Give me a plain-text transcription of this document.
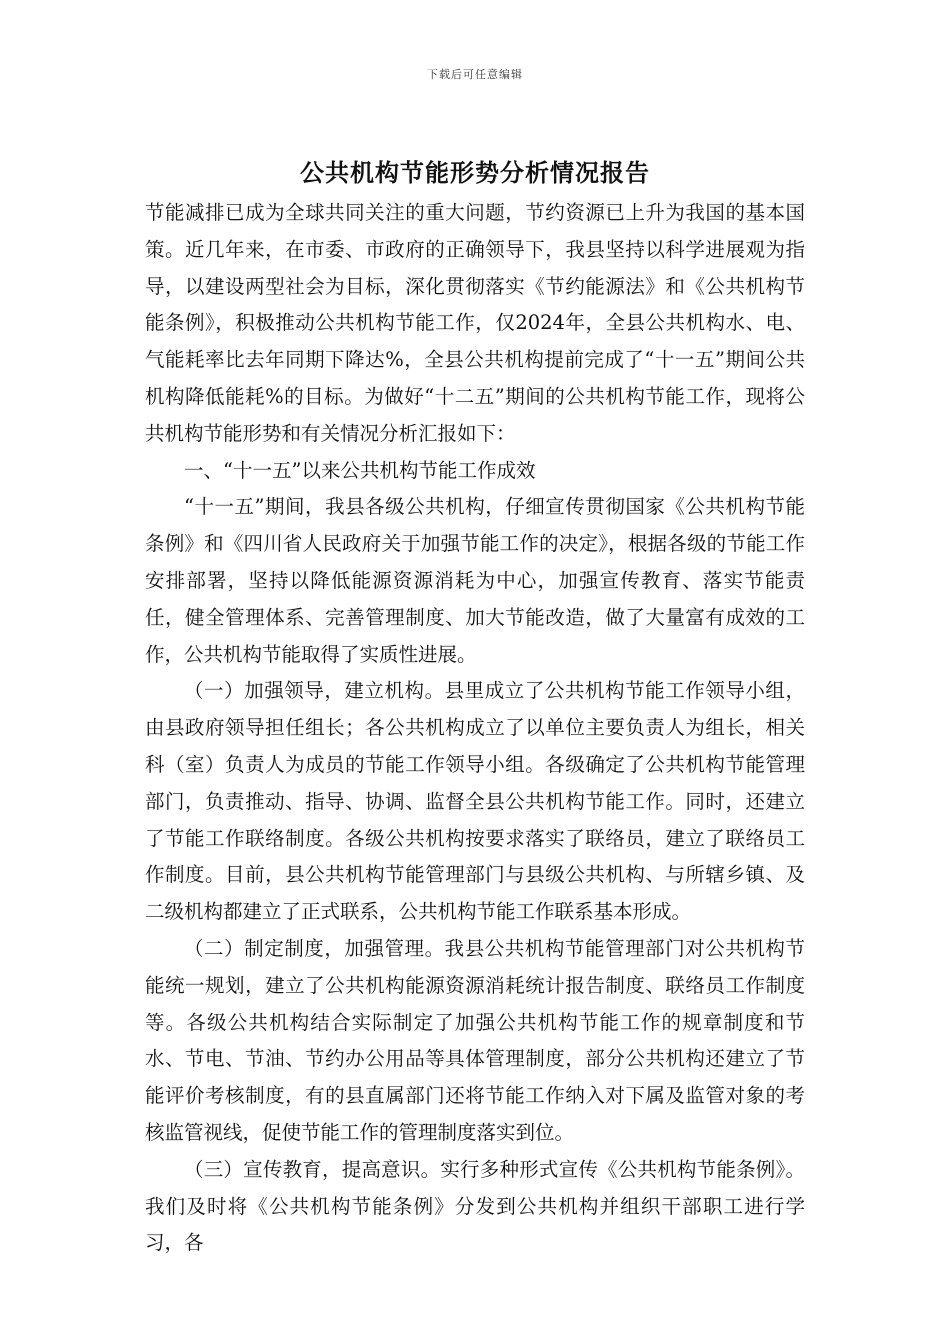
下载后可任意编辑
公共机构节能形势分析情况报告

节能减排已成为全球共同关注的重大问题，节约资源已上升为我国的基本国策。近几年来，在市委、市政府的正确领导下，我县坚持以科学进展观为指导，以建设两型社会为目标，深化贯彻落实《节约能源法》和《公共机构节能条例》，积极推动公共机构节能工作，仅2024年，全县公共机构水、电、气能耗率比去年同期下降达%，全县公共机构提前完成了“十一五”期间公共机构降低能耗%的目标。为做好“十二五”期间的公共机构节能工作，现将公共机构节能形势和有关情况分析汇报如下：

一、“十一五”以来公共机构节能工作成效

“十一五”期间，我县各级公共机构，仔细宣传贯彻国家《公共机构节能条例》和《四川省人民政府关于加强节能工作的决定》，根据各级的节能工作安排部署，坚持以降低能源资源消耗为中心，加强宣传教育、落实节能责任，健全管理体系、完善管理制度、加大节能改造，做了大量富有成效的工作，公共机构节能取得了实质性进展。

（一）加强领导，建立机构。县里成立了公共机构节能工作领导小组，由县政府领导担任组长；各公共机构成立了以单位主要负责人为组长，相关科（室）负责人为成员的节能工作领导小组。各级确定了公共机构节能管理部门，负责推动、指导、协调、监督全县公共机构节能工作。同时，还建立了节能工作联络制度。各级公共机构按要求落实了联络员，建立了联络员工作制度。目前，县公共机构节能管理部门与县级公共机构、与所辖乡镇、及二级机构都建立了正式联系，公共机构节能工作联系基本形成。

（二）制定制度，加强管理。我县公共机构节能管理部门对公共机构节能统一规划，建立了公共机构能源资源消耗统计报告制度、联络员工作制度等。各级公共机构结合实际制定了加强公共机构节能工作的规章制度和节水、节电、节油、节约办公用品等具体管理制度，部分公共机构还建立了节能评价考核制度，有的县直属部门还将节能工作纳入对下属及监管对象的考核监管视线，促使节能工作的管理制度落实到位。

（三）宣传教育，提高意识。实行多种形式宣传《公共机构节能条例》。我们及时将《公共机构节能条例》分发到公共机构并组织干部职工进行学习，各
